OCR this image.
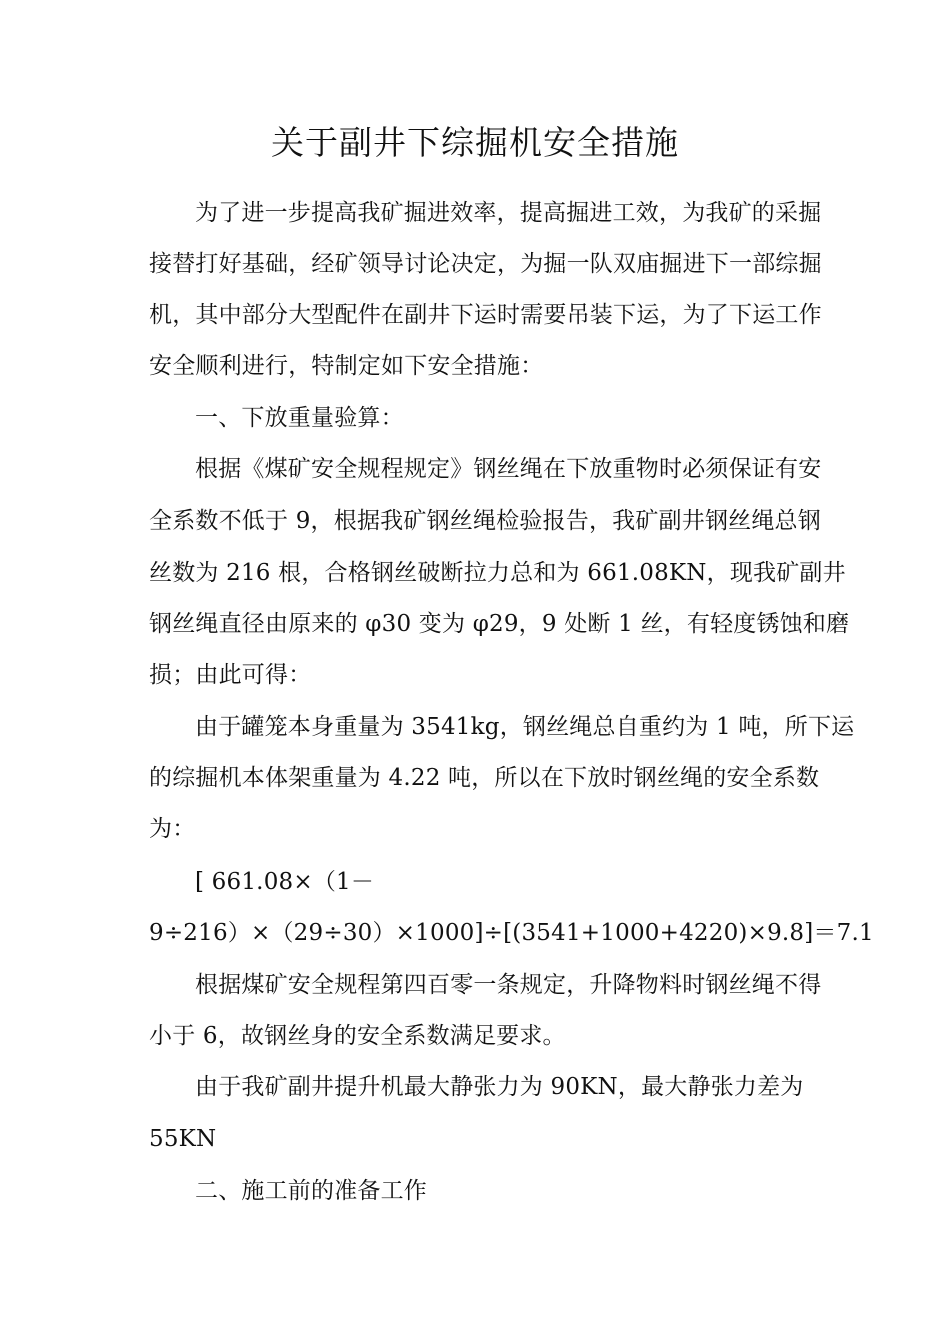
关于副井下综掘机安全措施
为了进一步提高我矿掘进效率，提高掘进工效，为我矿的采掘
接替打好基础，经矿领导讨论决定，为掘一队双庙掘进下一部综掘
机，其中部分大型配件在副井下运时需要吊装下运，为了下运工作
安全顺利进行，特制定如下安全措施：
一、下放重量验算：
根据《煤矿安全规程规定》钢丝绳在下放重物时必须保证有安
全系数不低于 9，根据我矿钢丝绳检验报告，我矿副井钢丝绳总钢
丝数为 216 根，合格钢丝破断拉力总和为 661.08KN，现我矿副井
钢丝绳直径由原来的 φ30 变为 φ29，9 处断 1 丝，有轻度锈蚀和磨
损；由此可得：
由于罐笼本身重量为 3541kg，钢丝绳总自重约为 1 吨，所下运
的综掘机本体架重量为 4.22 吨，所以在下放时钢丝绳的安全系数
为：
[ 661.08×（1－
9÷216）×（29÷30）×1000]÷[(3541+1000+4220)×9.8]＝7.1
根据煤矿安全规程第四百零一条规定，升降物料时钢丝绳不得
小于 6，故钢丝身的安全系数满足要求。
由于我矿副井提升机最大静张力为 90KN，最大静张力差为
55KN
二、施工前的准备工作
